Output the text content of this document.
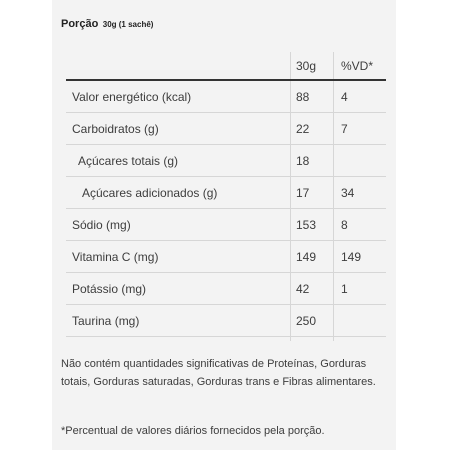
Porção 30g (1 sachê)
30g %VD*
Valor energético (kcal)	88	4
Carboidratos (g)	22	7
Açúcares totais (g)	18
Açúcares adicionados (g)	17	34
Sódio (mg)	153 8
Vitamina C (mg)	149 149
Potássio (mg)	42	1
Taurina (mg)	250
Não contém quantidades significativas de Proteínas, Gorduras totais, Gorduras saturadas, Gorduras trans e Fibras alimentares.
*Percentual de valores diários fornecidos pela porção.
